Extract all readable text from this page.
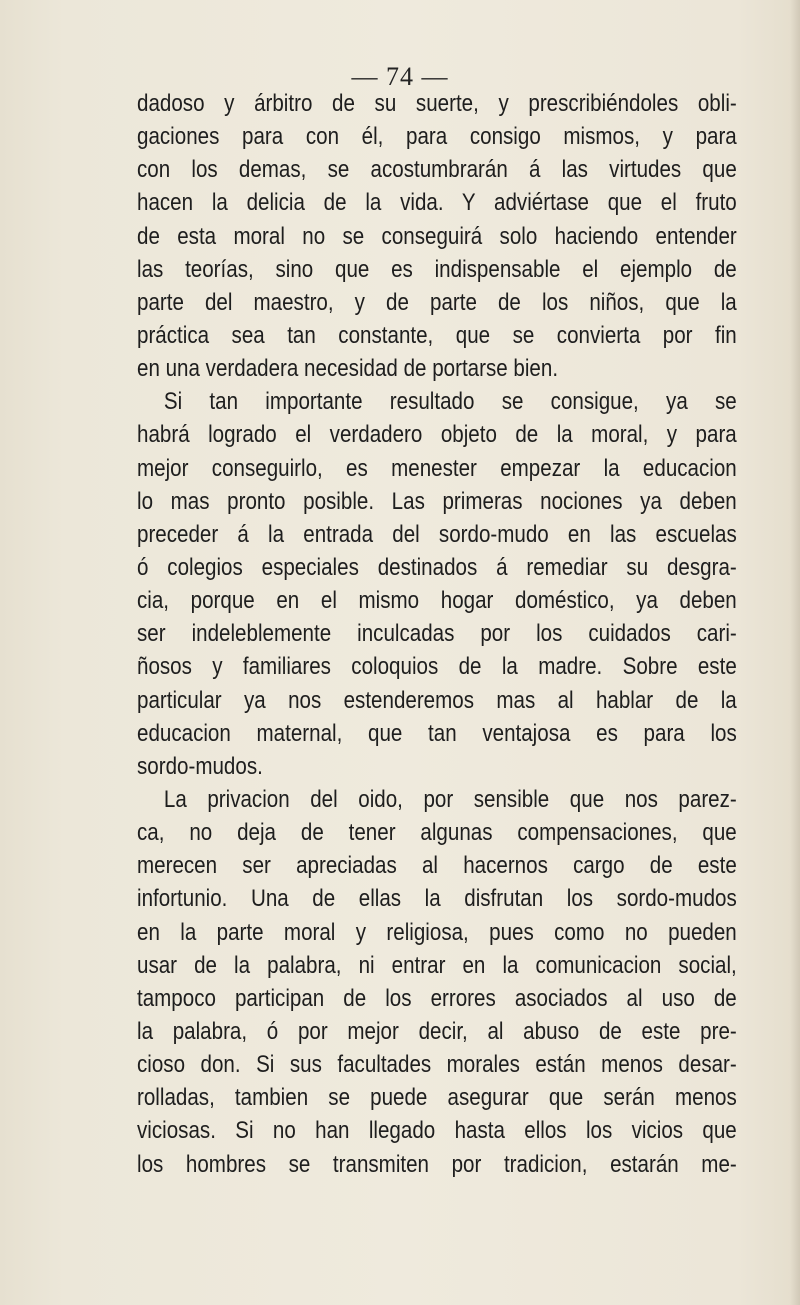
— 74 —
dadoso y árbitro de su suerte, y prescribiéndoles obli-
gaciones para con él, para consigo mismos, y para
con los demas, se acostumbrarán á las virtudes que
hacen la delicia de la vida. Y adviértase que el fruto
de esta moral no se conseguirá solo haciendo entender
las teorías, sino que es indispensable el ejemplo de
parte del maestro, y de parte de los niños, que la
práctica sea tan constante, que se convierta por fin
en una verdadera necesidad de portarse bien.
Si tan importante resultado se consigue, ya se
habrá logrado el verdadero objeto de la moral, y para
mejor conseguirlo, es menester empezar la educacion
lo mas pronto posible. Las primeras nociones ya deben
preceder á la entrada del sordo-mudo en las escuelas
ó colegios especiales destinados á remediar su desgra-
cia, porque en el mismo hogar doméstico, ya deben
ser indeleblemente inculcadas por los cuidados cari-
ñosos y familiares coloquios de la madre. Sobre este
particular ya nos estenderemos mas al hablar de la
educacion maternal, que tan ventajosa es para los
sordo-mudos.
La privacion del oido, por sensible que nos parez-
ca, no deja de tener algunas compensaciones, que
merecen ser apreciadas al hacernos cargo de este
infortunio. Una de ellas la disfrutan los sordo-mudos
en la parte moral y religiosa, pues como no pueden
usar de la palabra, ni entrar en la comunicacion social,
tampoco participan de los errores asociados al uso de
la palabra, ó por mejor decir, al abuso de este pre-
cioso don. Si sus facultades morales están menos desar-
rolladas, tambien se puede asegurar que serán menos
viciosas. Si no han llegado hasta ellos los vicios que
los hombres se transmiten por tradicion, estarán me-
